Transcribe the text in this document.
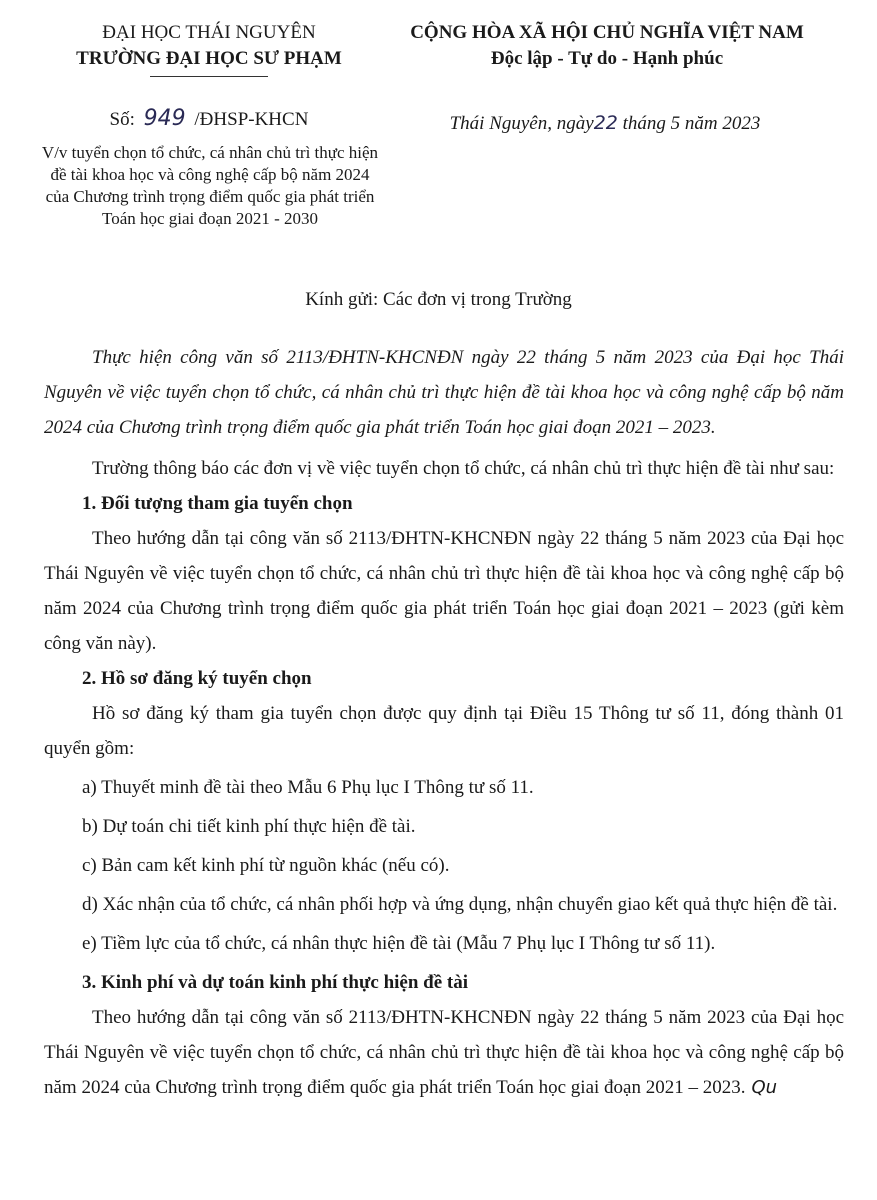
ĐẠI HỌC THÁI NGUYÊN
TRƯỜNG ĐẠI HỌC SƯ PHẠM
CỘNG HÒA XÃ HỘI CHỦ NGHĨA VIỆT NAM
Độc lập - Tự do - Hạnh phúc
Số: 949 /ĐHSP-KHCN
V/v tuyển chọn tổ chức, cá nhân chủ trì thực hiện đề tài khoa học và công nghệ cấp bộ năm 2024 của Chương trình trọng điểm quốc gia phát triển Toán học giai đoạn 2021 - 2030
Thái Nguyên, ngày22 tháng 5 năm 2023
Kính gửi: Các đơn vị trong Trường

Thực hiện công văn số 2113/ĐHTN-KHCNĐN ngày 22 tháng 5 năm 2023 của Đại học Thái Nguyên về việc tuyển chọn tổ chức, cá nhân chủ trì thực hiện đề tài khoa học và công nghệ cấp bộ năm 2024 của Chương trình trọng điểm quốc gia phát triển Toán học giai đoạn 2021 – 2023.

Trường thông báo các đơn vị về việc tuyển chọn tổ chức, cá nhân chủ trì thực hiện đề tài như sau:

1. Đối tượng tham gia tuyển chọn

Theo hướng dẫn tại công văn số 2113/ĐHTN-KHCNĐN ngày 22 tháng 5 năm 2023 của Đại học Thái Nguyên về việc tuyển chọn tổ chức, cá nhân chủ trì thực hiện đề tài khoa học và công nghệ cấp bộ năm 2024 của Chương trình trọng điểm quốc gia phát triển Toán học giai đoạn 2021 – 2023 (gửi kèm công văn này).

2. Hồ sơ đăng ký tuyển chọn

Hồ sơ đăng ký tham gia tuyển chọn được quy định tại Điều 15 Thông tư số 11, đóng thành 01 quyển gồm:

a) Thuyết minh đề tài theo Mẫu 6 Phụ lục I Thông tư số 11.

b) Dự toán chi tiết kinh phí thực hiện đề tài.

c) Bản cam kết kinh phí từ nguồn khác (nếu có).

d) Xác nhận của tổ chức, cá nhân phối hợp và ứng dụng, nhận chuyển giao kết quả thực hiện đề tài.

e) Tiềm lực của tổ chức, cá nhân thực hiện đề tài (Mẫu 7 Phụ lục I Thông tư số 11).

3. Kinh phí và dự toán kinh phí thực hiện đề tài

Theo hướng dẫn tại công văn số 2113/ĐHTN-KHCNĐN ngày 22 tháng 5 năm 2023 của Đại học Thái Nguyên về việc tuyển chọn tổ chức, cá nhân chủ trì thực hiện đề tài khoa học và công nghệ cấp bộ năm 2024 của Chương trình trọng điểm quốc gia phát triển Toán học giai đoạn 2021 – 2023. Qu
